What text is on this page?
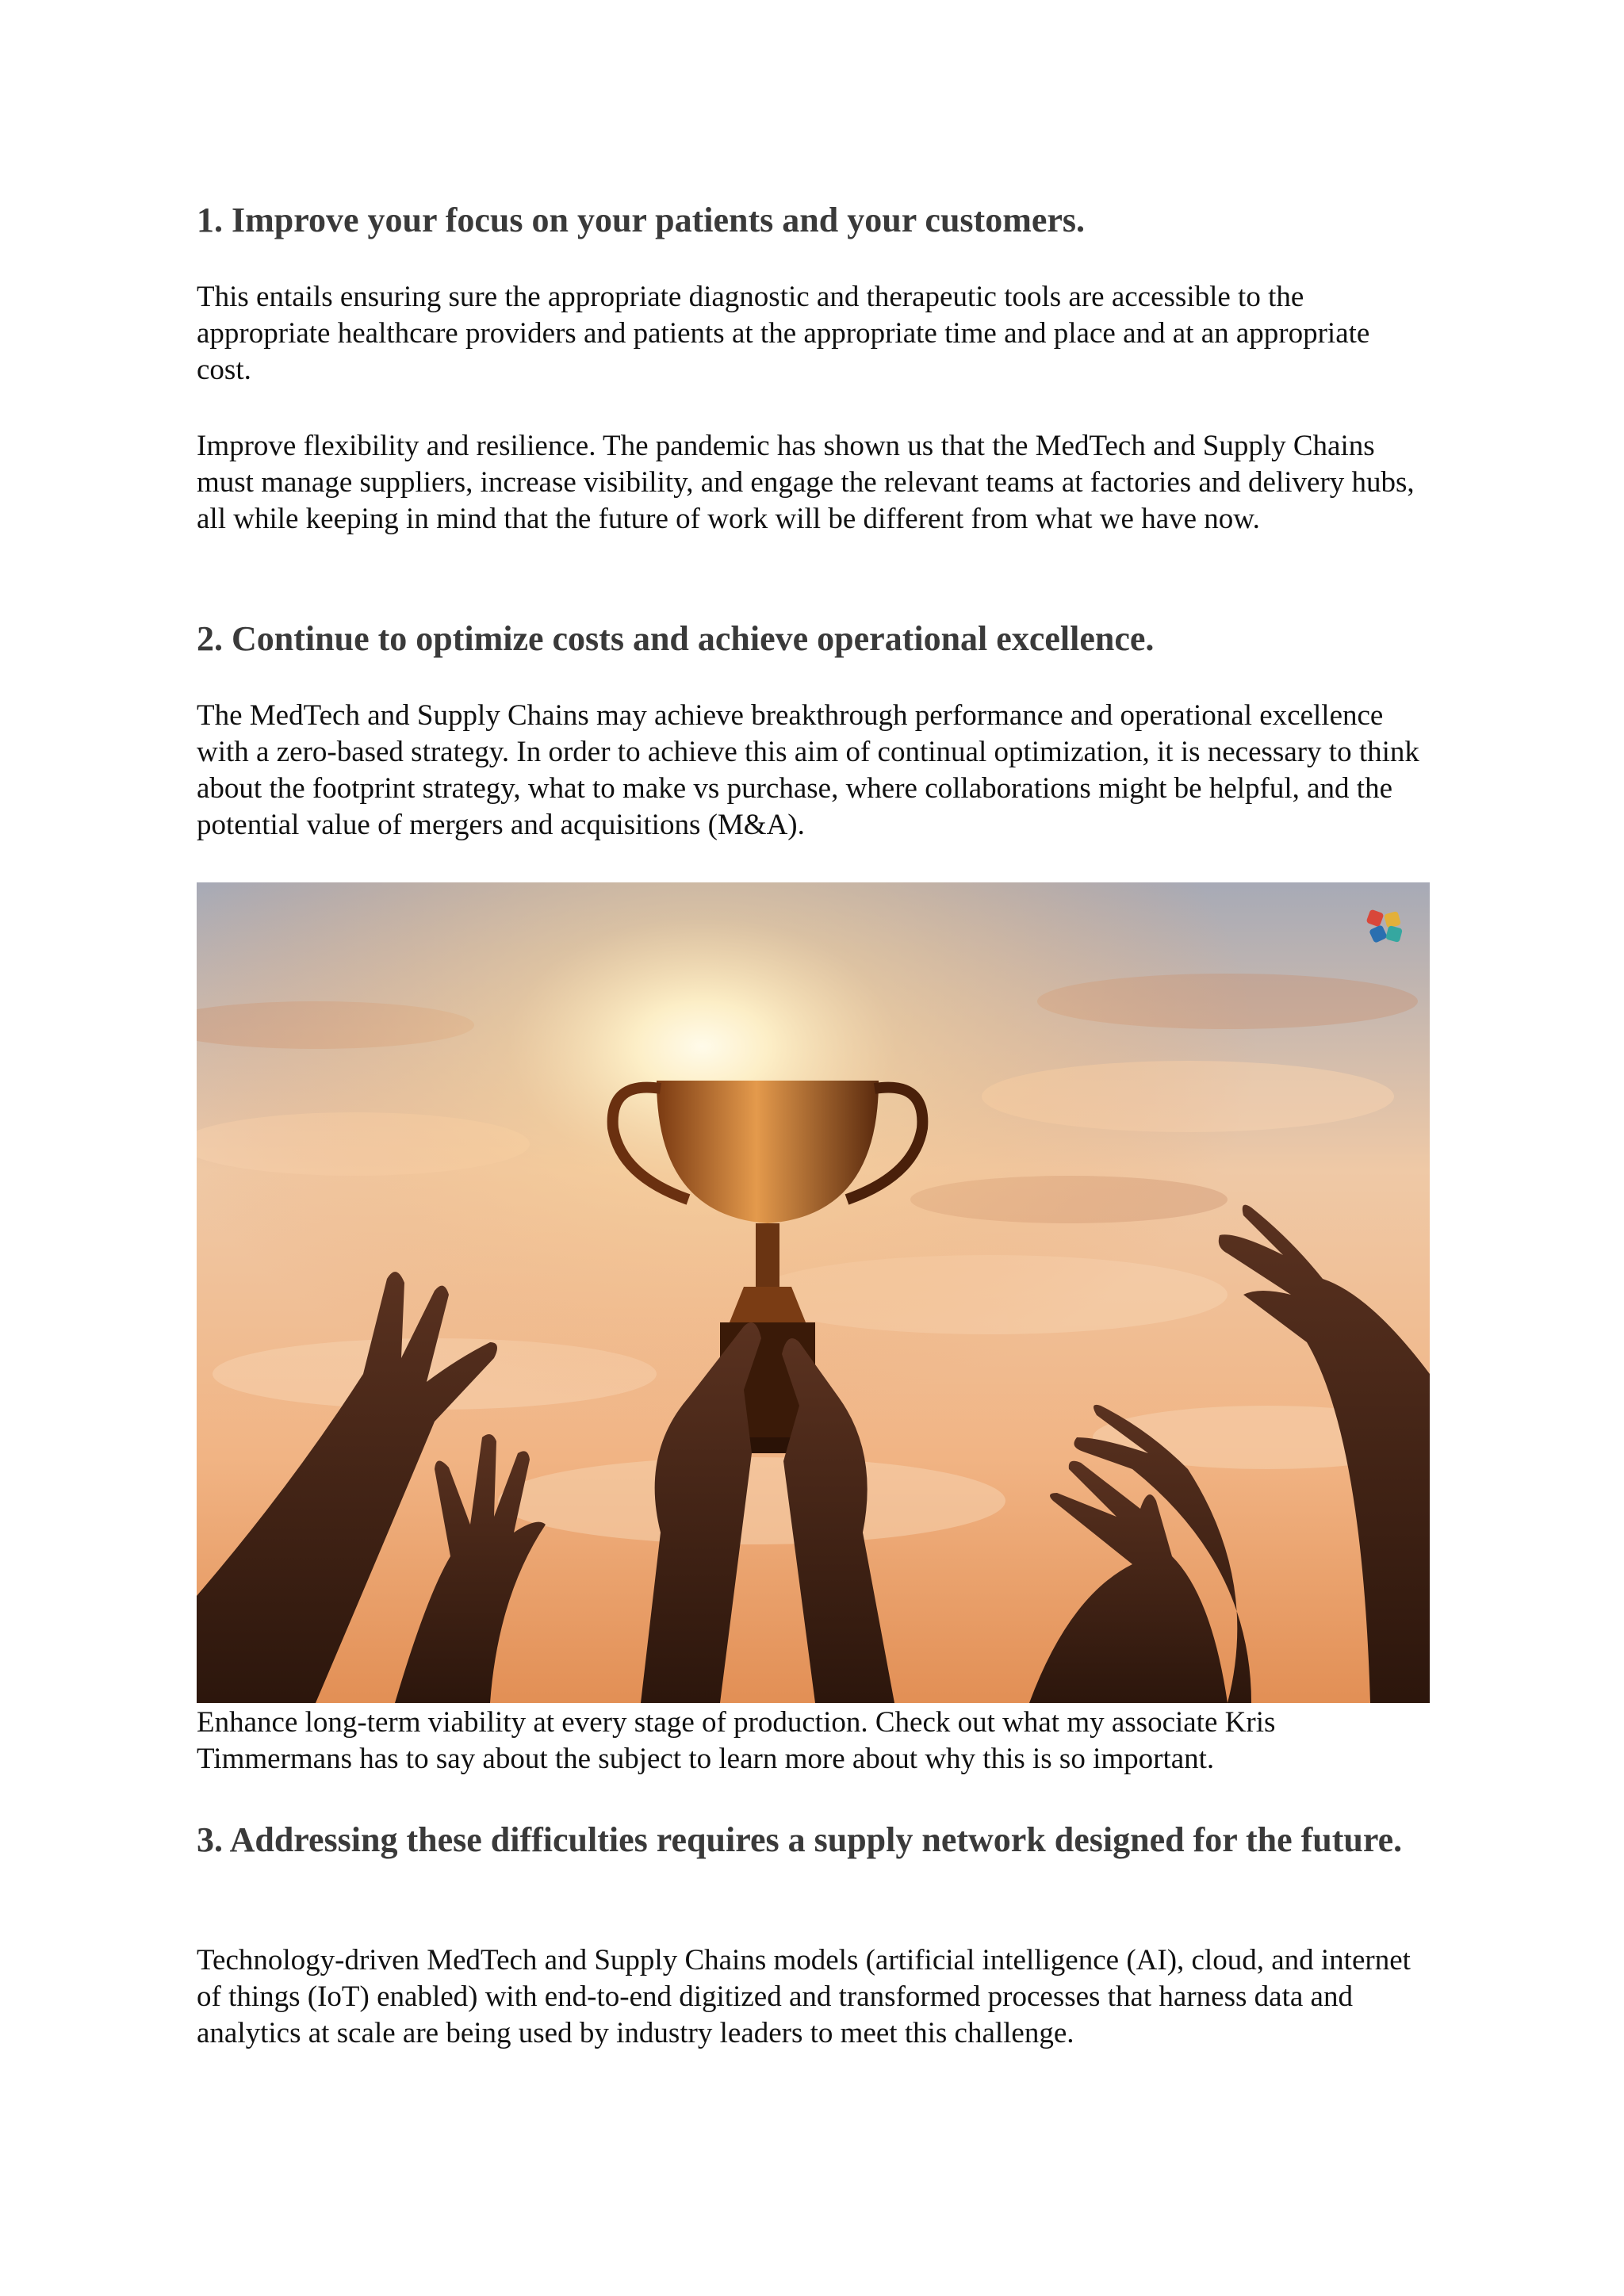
1. Improve your focus on your patients and your customers.

This entails ensuring sure the appropriate diagnostic and therapeutic tools are accessible to the appropriate healthcare providers and patients at the appropriate time and place and at an appropriate cost.

Improve flexibility and resilience. The pandemic has shown us that the MedTech and Supply Chains must manage suppliers, increase visibility, and engage the relevant teams at factories and delivery hubs, all while keeping in mind that the future of work will be different from what we have now.

2. Continue to optimize costs and achieve operational excellence.

The MedTech and Supply Chains may achieve breakthrough performance and operational excellence with a zero-based strategy. In order to achieve this aim of continual optimization, it is necessary to think about the footprint strategy, what to make vs purchase, where collaborations might be helpful, and the potential value of mergers and acquisitions (M&A).

Enhance long-term viability at every stage of production. Check out what my associate Kris Timmermans has to say about the subject to learn more about why this is so important.

3. Addressing these difficulties requires a supply network designed for the future.

Technology-driven MedTech and Supply Chains models (artificial intelligence (AI), cloud, and internet of things (IoT) enabled) with end-to-end digitized and transformed processes that harness data and analytics at scale are being used by industry leaders to meet this challenge.
